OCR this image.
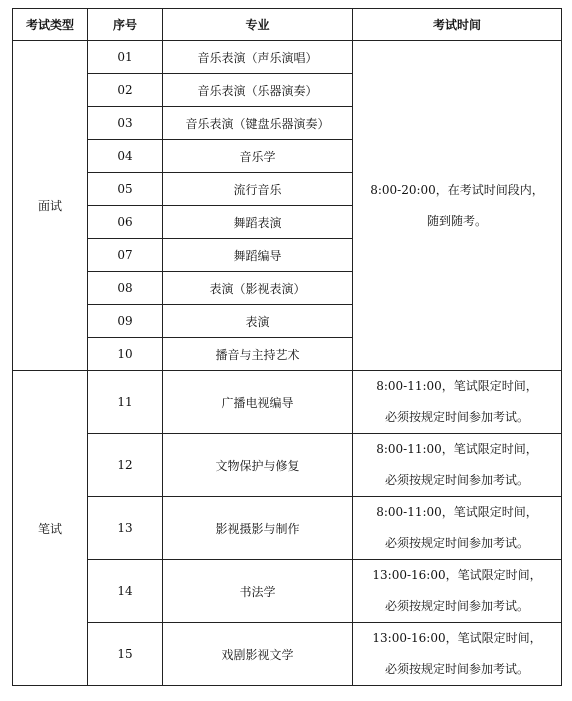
考试类型	序号	专业	考试时间
面试	01	音乐表演（声乐演唱）	8:00-20:00，在考试时间段内，
随到随考。

	02	音乐表演（乐器演奏）	
	03	音乐表演（键盘乐器演奏）	
	04	音乐学	
	05	流行音乐	
	06	舞蹈表演	
	07	舞蹈编导	
	08	表演（影视表演）	
	09	表演	
	10	播音与主持艺术	
笔试	11	广播电视编导	8:00-11:00，笔试限定时间，
必须按规定时间参加考试。

	12	文物保护与修复	8:00-11:00，笔试限定时间，
必须按规定时间参加考试。

	13	影视摄影与制作	8:00-11:00，笔试限定时间，
必须按规定时间参加考试。

	14	书法学	13:00-16:00，笔试限定时间，
必须按规定时间参加考试。

	15	戏剧影视文学	13:00-16:00，笔试限定时间，
必须按规定时间参加考试。
